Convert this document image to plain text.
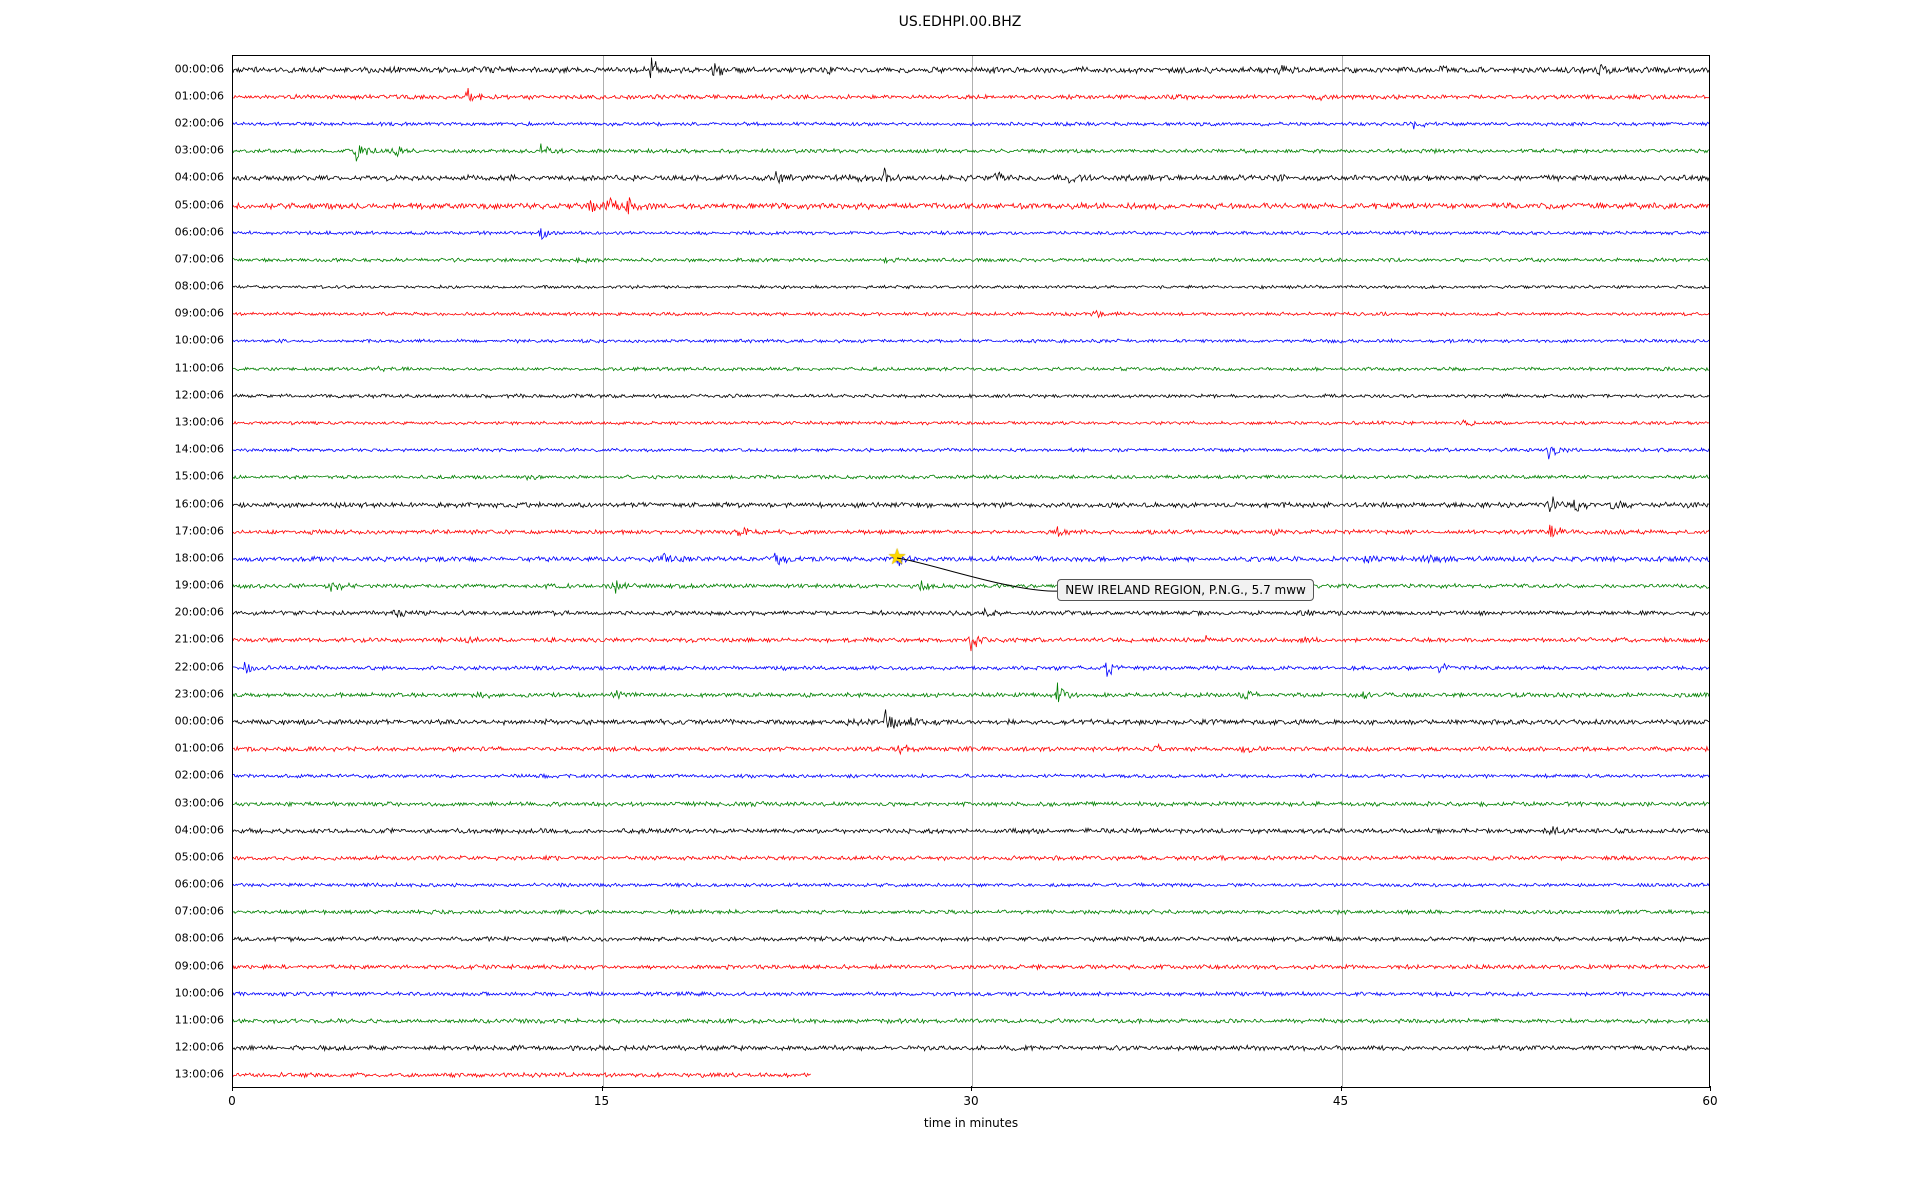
US.EDHPI.00.BHZ
00:00:06
01:00:06
02:00:06
03:00:06
04:00:06
05:00:06
06:00:06
07:00:06
08:00:06
09:00:06
10:00:06
11:00:06
12:00:06
13:00:06
14:00:06
15:00:06
16:00:06
17:00:06
18:00:06
19:00:06
20:00:06
21:00:06
22:00:06
23:00:06
00:00:06
01:00:06
02:00:06
03:00:06
04:00:06
05:00:06
06:00:06
07:00:06
08:00:06
09:00:06
10:00:06
11:00:06
12:00:06
13:00:06
0	15	30	45	60
time in minutes
★
NEW IRELAND REGION, P.N.G., 5.7 mww
